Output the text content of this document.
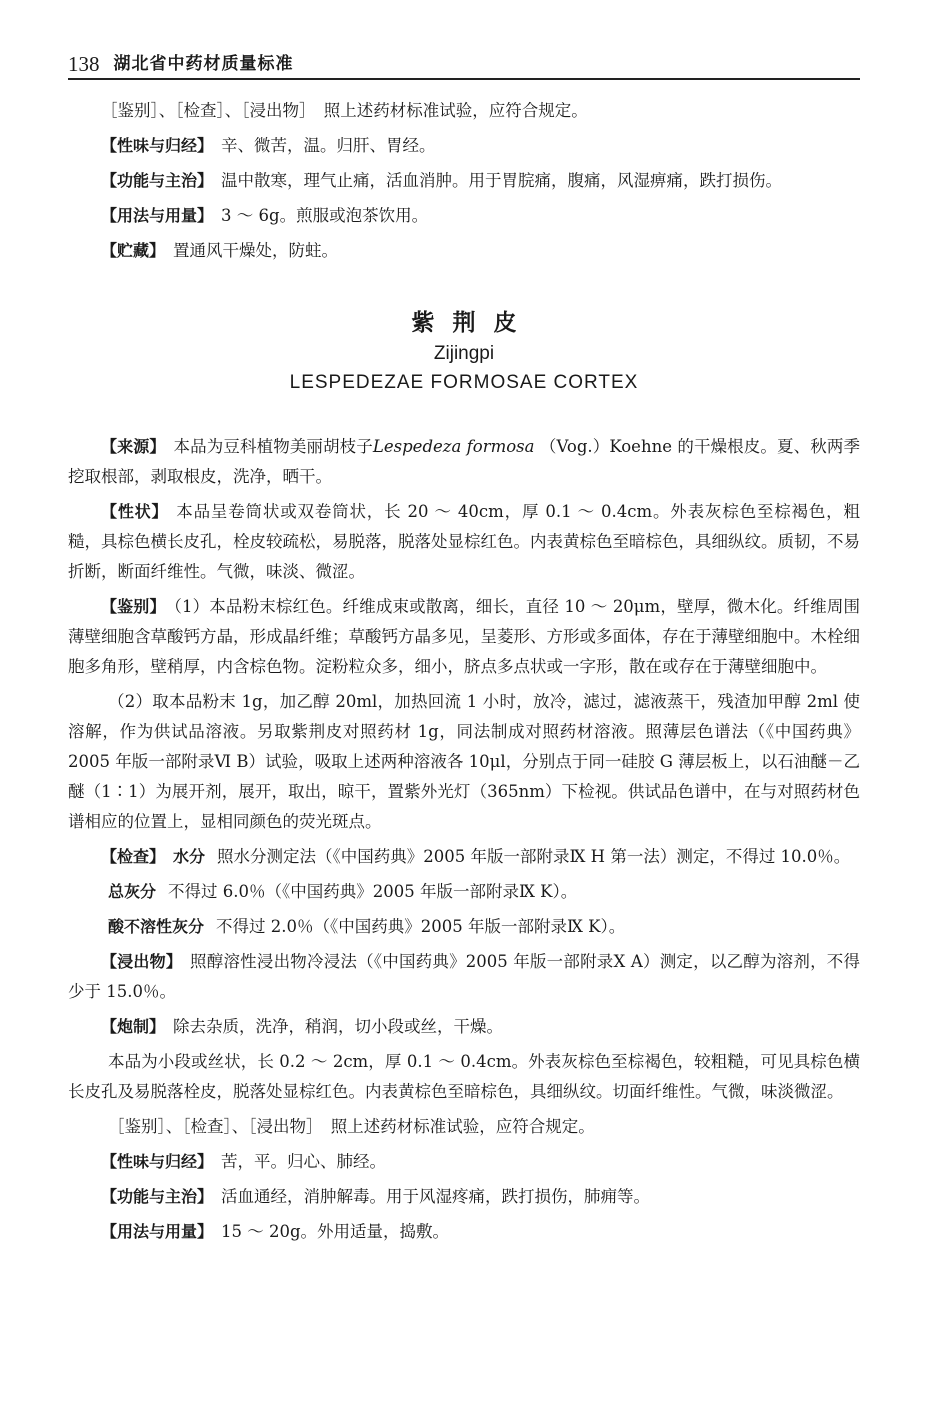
138 湖北省中药材质量标准

［鉴别］、［检查］、［浸出物］　照上述药材标准试验，应符合规定。

【性味与归经】 辛、微苦，温。归肝、胃经。

【功能与主治】 温中散寒，理气止痛，活血消肿。用于胃脘痛，腹痛，风湿痹痛，跌打损伤。

【用法与用量】 3 ～ 6g。煎服或泡茶饮用。

【贮藏】 置通风干燥处，防蛀。

紫荆皮
Zijingpi
LESPEDEZAE FORMOSAE CORTEX

【来源】 本品为豆科植物美丽胡枝子Lespedeza formosa （Vog.）Koehne 的干燥根皮。夏、秋两季挖取根部，剥取根皮，洗净，晒干。

【性状】 本品呈卷筒状或双卷筒状，长 20 ～ 40cm，厚 0.1 ～ 0.4cm。外表灰棕色至棕褐色，粗糙，具棕色横长皮孔，栓皮较疏松，易脱落，脱落处显棕红色。内表黄棕色至暗棕色，具细纵纹。质韧，不易折断，断面纤维性。气微，味淡、微涩。

【鉴别】 （1）本品粉末棕红色。纤维成束或散离，细长，直径 10 ～ 20μm，壁厚，微木化。纤维周围薄壁细胞含草酸钙方晶，形成晶纤维；草酸钙方晶多见，呈菱形、方形或多面体，存在于薄壁细胞中。木栓细胞多角形，壁稍厚，内含棕色物。淀粉粒众多，细小，脐点多点状或一字形，散在或存在于薄壁细胞中。

（2）取本品粉末 1g，加乙醇 20ml，加热回流 1 小时，放冷，滤过，滤液蒸干，残渣加甲醇 2ml 使溶解，作为供试品溶液。另取紫荆皮对照药材 1g，同法制成对照药材溶液。照薄层色谱法（《中国药典》2005 年版一部附录Ⅵ B）试验，吸取上述两种溶液各 10μl，分别点于同一硅胶 G 薄层板上，以石油醚－乙醚（1∶1）为展开剂，展开，取出，晾干，置紫外光灯（365nm）下检视。供试品色谱中，在与对照药材色谱相应的位置上，显相同颜色的荧光斑点。

【检查】 水分 照水分测定法（《中国药典》2005 年版一部附录Ⅸ H 第一法）测定，不得过 10.0％。

总灰分 不得过 6.0％（《中国药典》2005 年版一部附录Ⅸ K）。

酸不溶性灰分 不得过 2.0％（《中国药典》2005 年版一部附录Ⅸ K）。

【浸出物】 照醇溶性浸出物冷浸法（《中国药典》2005 年版一部附录Ⅹ A）测定，以乙醇为溶剂，不得少于 15.0％。

【炮制】 除去杂质，洗净，稍润，切小段或丝，干燥。

本品为小段或丝状，长 0.2 ～ 2cm，厚 0.1 ～ 0.4cm。外表灰棕色至棕褐色，较粗糙，可见具棕色横长皮孔及易脱落栓皮，脱落处显棕红色。内表黄棕色至暗棕色，具细纵纹。切面纤维性。气微，味淡微涩。

［鉴别］、［检查］、［浸出物］　照上述药材标准试验，应符合规定。

【性味与归经】 苦，平。归心、肺经。

【功能与主治】 活血通经，消肿解毒。用于风湿疼痛，跌打损伤，肺痈等。

【用法与用量】 15 ～ 20g。外用适量，捣敷。
